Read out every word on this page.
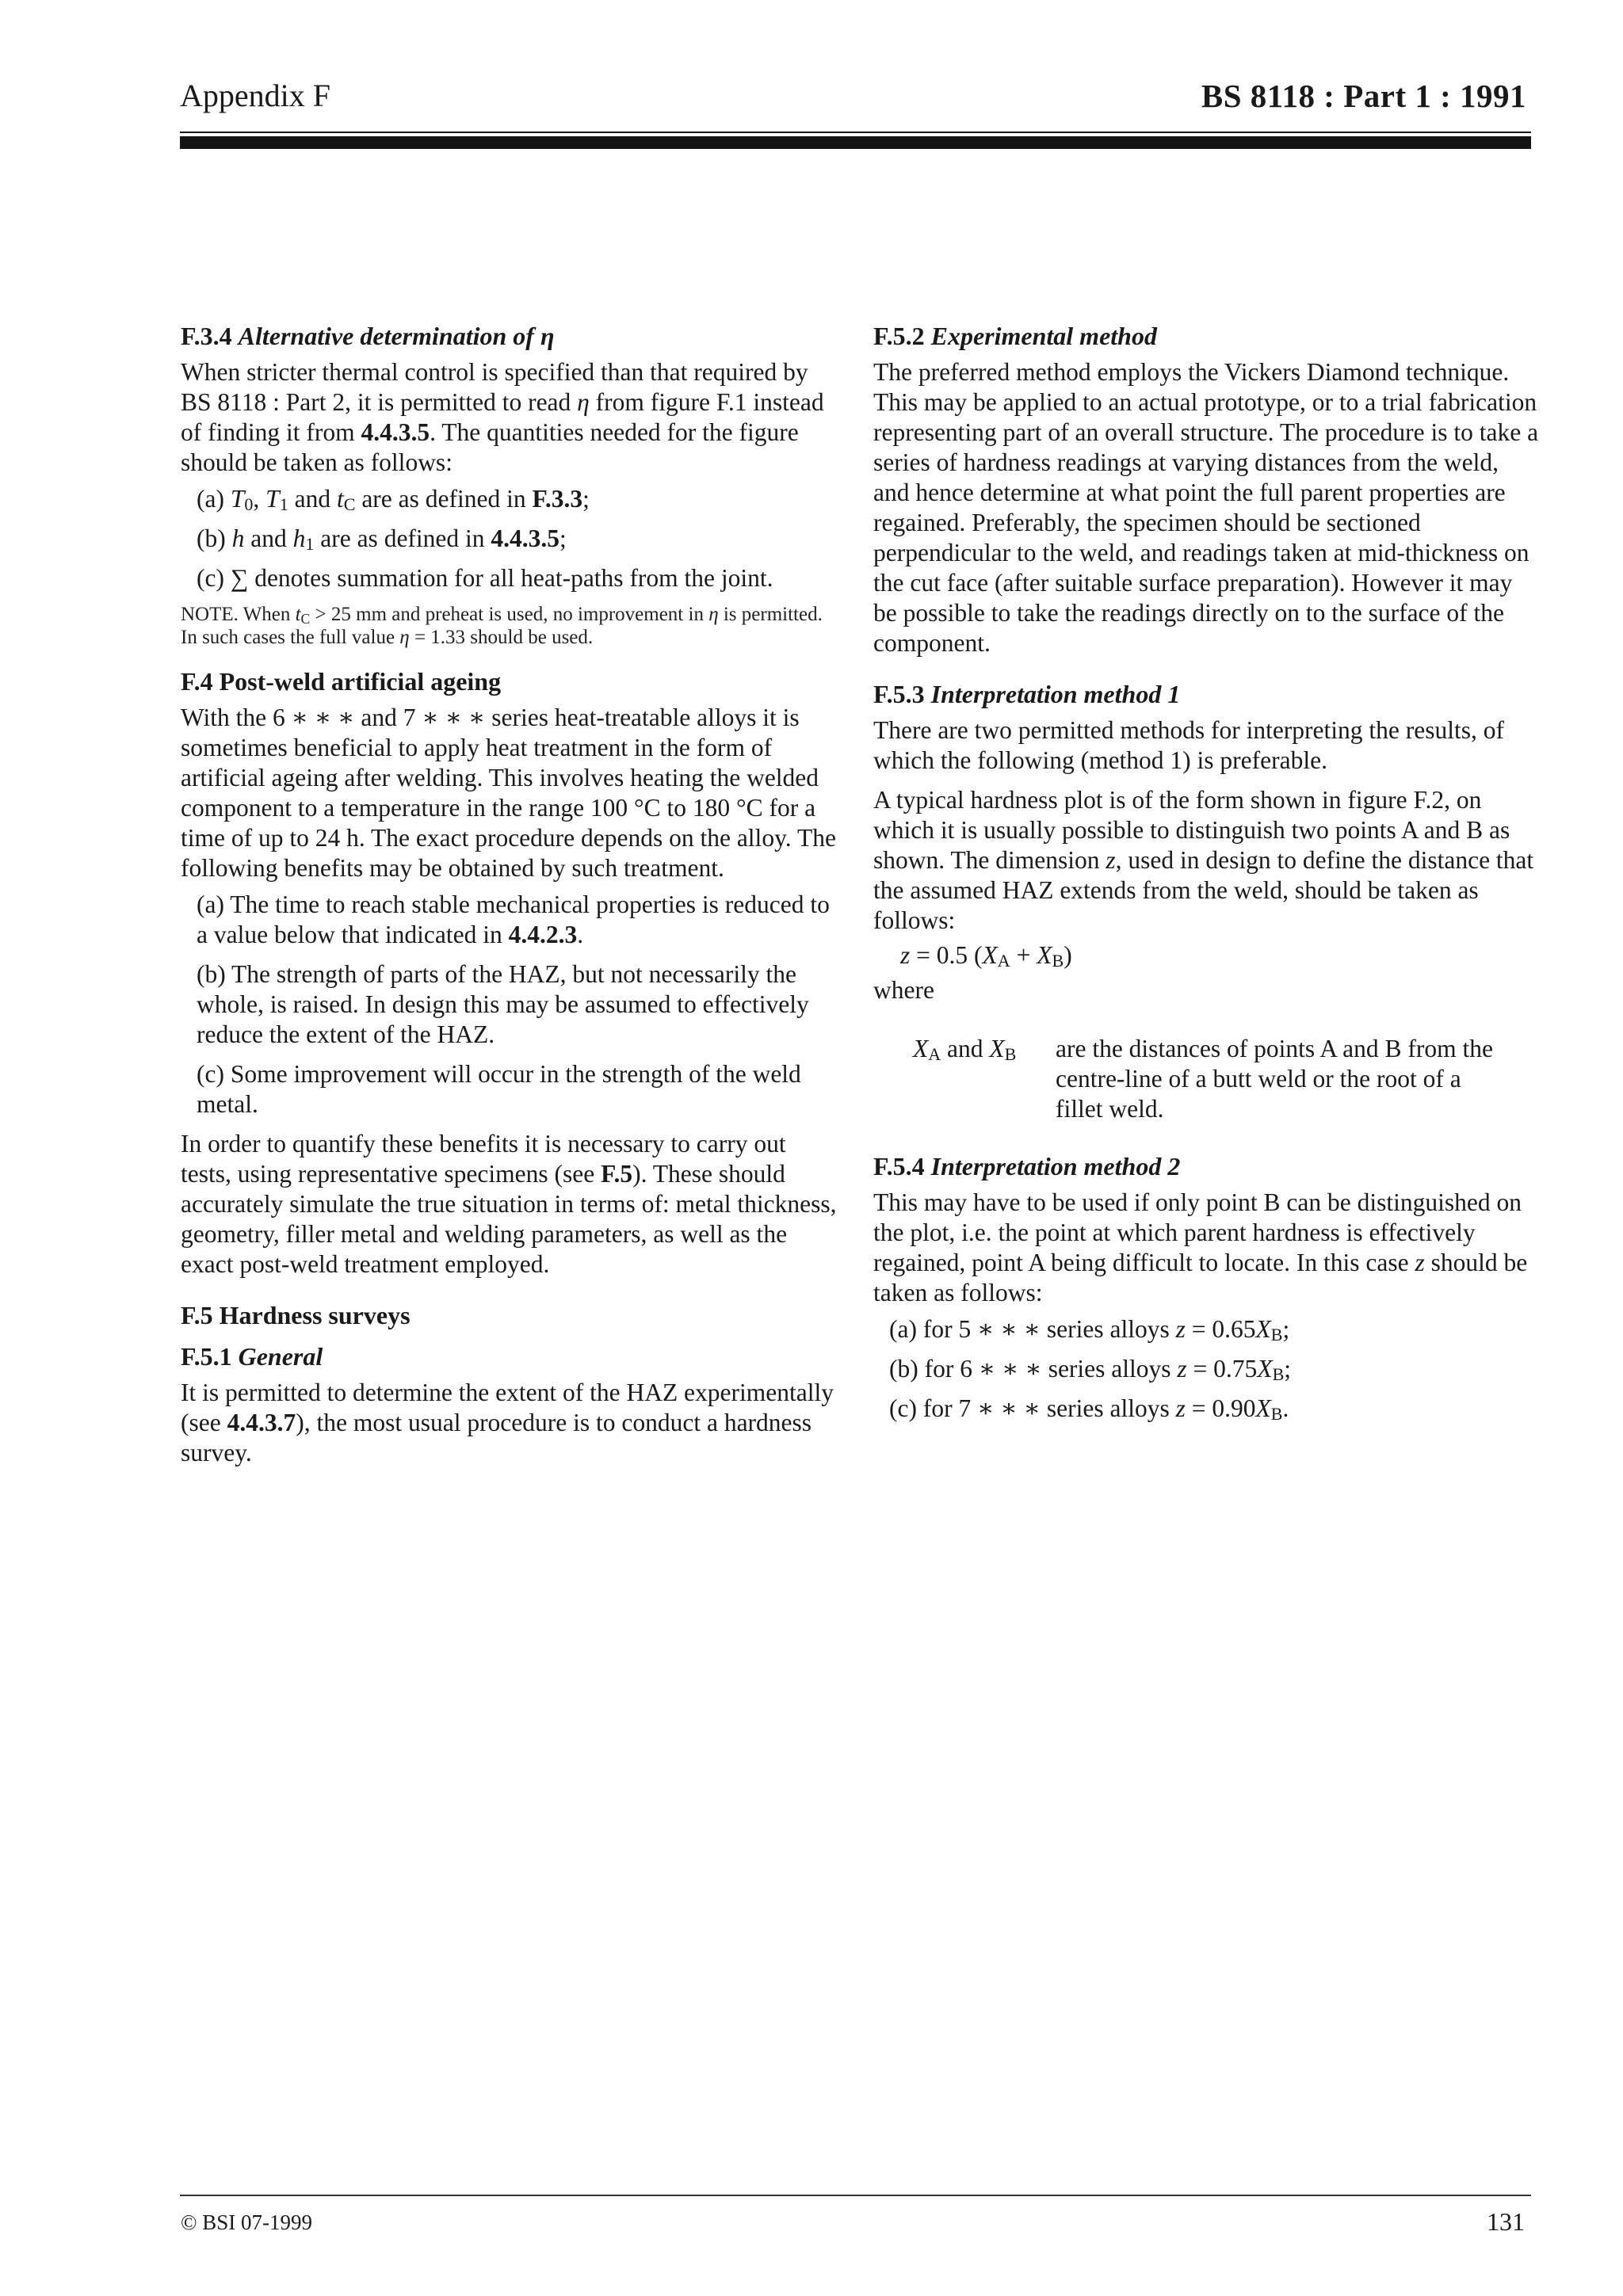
Appendix F	BS 8118 : Part 1 : 1991
F.3.4 Alternative determination of η
When stricter thermal control is specified than that required by BS 8118 : Part 2, it is permitted to read η from figure F.1 instead of finding it from 4.4.3.5. The quantities needed for the figure should be taken as follows:
(a) $T_0$, $T_1$ and $t_C$ are as defined in F.3.3;
(b) h and $h_1$ are as defined in 4.4.3.5;
(c) ∑ denotes summation for all heat-paths from the joint.
NOTE. When $t_C > 25$ mm and preheat is used, no improvement in η is permitted. In such cases the full value η = 1.33 should be used.
F.4 Post-weld artificial ageing
With the 6 ∗ ∗ ∗ and 7 ∗ ∗ ∗ series heat-treatable alloys it is sometimes beneficial to apply heat treatment in the form of artificial ageing after welding. This involves heating the welded component to a temperature in the range 100 °C to 180 °C for a time of up to 24 h. The exact procedure depends on the alloy. The following benefits may be obtained by such treatment.
(a) The time to reach stable mechanical properties is reduced to a value below that indicated in 4.4.2.3.
(b) The strength of parts of the HAZ, but not necessarily the whole, is raised. In design this may be assumed to effectively reduce the extent of the HAZ.
(c) Some improvement will occur in the strength of the weld metal.
In order to quantify these benefits it is necessary to carry out tests, using representative specimens (see F.5). These should accurately simulate the true situation in terms of: metal thickness, geometry, filler metal and welding parameters, as well as the exact post-weld treatment employed.
F.5 Hardness surveys
F.5.1 General
It is permitted to determine the extent of the HAZ experimentally (see 4.4.3.7), the most usual procedure is to conduct a hardness survey.
F.5.2 Experimental method
The preferred method employs the Vickers Diamond technique. This may be applied to an actual prototype, or to a trial fabrication representing part of an overall structure. The procedure is to take a series of hardness readings at varying distances from the weld, and hence determine at what point the full parent properties are regained. Preferably, the specimen should be sectioned perpendicular to the weld, and readings taken at mid-thickness on the cut face (after suitable surface preparation). However it may be possible to take the readings directly on to the surface of the component.
F.5.3 Interpretation method 1
There are two permitted methods for interpreting the results, of which the following (method 1) is preferable.
A typical hardness plot is of the form shown in figure F.2, on which it is usually possible to distinguish two points A and B as shown. The dimension z, used in design to define the distance that the assumed HAZ extends from the weld, should be taken as follows:
z = 0.5 $(X_A + X_B)$
where
$X_A$ and $X_B$	are the distances of points A and B from the centre-line of a butt weld or the root of a fillet weld.
F.5.4 Interpretation method 2
This may have to be used if only point B can be distinguished on the plot, i.e. the point at which parent hardness is effectively regained, point A being difficult to locate. In this case z should be taken as follows:
(a) for 5 ∗ ∗ ∗ series alloys $z = 0.65X_B$;
(b) for 6 ∗ ∗ ∗ series alloys $z = 0.75X_B$;
(c) for 7 ∗ ∗ ∗ series alloys $z = 0.90X_B$.
© BSI 07-1999	131
